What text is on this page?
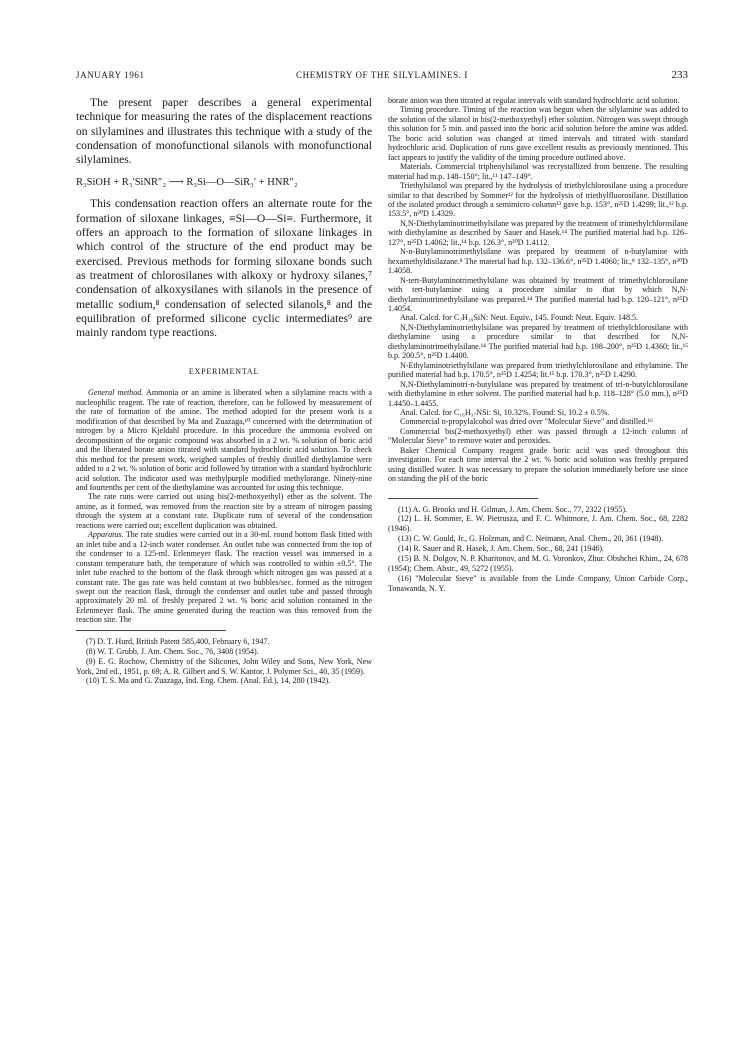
JANUARY 1961	CHEMISTRY OF THE SILYLAMINES. I	233

The present paper describes a general experimental technique for measuring the rates of the displacement reactions on silylamines and illustrates this technique with a study of the condensation of monofunctional silanols with monofunctional silylamines.

R₃SiOH + R₃′SiNR″₂ ⟶ R₃Si—O—SiR₃′ + HNR″₂

This condensation reaction offers an alternate route for the formation of siloxane linkages, ≡Si—O—Si≡. Furthermore, it offers an approach to the formation of siloxane linkages in which control of the structure of the end product may be exercised. Previous methods for forming siloxane bonds such as treatment of chlorosilanes with alkoxy or hydroxy silanes,⁷ condensation of alkoxysilanes with silanols in the presence of metallic sodium,⁸ condensation of selected silanols,⁸ and the equilibration of preformed silicone cyclic intermediates⁹ are mainly random type reactions.

EXPERIMENTAL

General method. Ammonia or an amine is liberated when a silylamine reacts with a nucleophilic reagent. The rate of reaction, therefore, can be followed by measurement of the rate of formation of the amine. The method adopted for the present work is a modification of that described by Ma and Zuazaga,¹⁰ concerned with the determination of nitrogen by a Micro Kjeldahl procedure. In this procedure the ammonia evolved on decomposition of the organic compound was absorbed in a 2 wt. % solution of boric acid and the liberated borate anion titrated with standard hydrochloric acid solution. To check this method for the present work, weighed samples of freshly distilled diethylamine were added to a 2 wt. % solution of boric acid followed by titration with a standard hydrochloric acid solution. The indicator used was methylpurple modified methylorange. Ninety-nine and fourtenths per cent of the diethylamine was accounted for using this technique.

The rate runs were carried out using bis(2-methoxyethyl) ether as the solvent. The amine, as it formed, was removed from the reaction site by a stream of nitrogen passing through the system at a constant rate. Duplicate runs of several of the condensation reactions were carried out; excellent duplication was obtained.

Apparatus. The rate studies were carried out in a 30-ml. round bottom flask fitted with an inlet tube and a 12-inch water condenser. An outlet tube was connected from the top of the condenser to a 125-ml. Erlenmeyer flask. The reaction vessel was immersed in a constant temperature bath, the temperature of which was controlled to within ±0.5°. The inlet tube reached to the bottom of the flask through which nitrogen gas was passed at a constant rate. The gas rate was held constant at two bubbles/sec. formed as the nitrogen swept out the reaction flask, through the condenser and outlet tube and passed through approximately 20 ml. of freshly prepared 2 wt. % boric acid solution contained in the Erlenmeyer flask. The amine generated during the reaction was thus removed from the reaction site. The

(7) D. T. Hurd, British Patent 585,400, February 6, 1947.

(8) W. T. Grubb, J. Am. Chem. Soc., 76, 3408 (1954).

(9) E. G. Rochow, Chemistry of the Silicones, John Wiley and Sons, New York, New York, 2nd ed., 1951, p. 69; A. R. Gilbert and S. W. Kantor, J. Polymer Sci., 40, 35 (1959).

(10) T. S. Ma and G. Zuazaga, Ind. Eng. Chem. (Anal. Ed.), 14, 280 (1942).

borate anion was then titrated at regular intervals with standard hydrochloric acid solution.

Timing procedure. Timing of the reaction was begun when the silylamine was added to the solution of the silanol in bis(2-methoxyethyl) ether solution. Nitrogen was swept through this solution for 5 min. and passed into the boric acid solution before the amine was added. The boric acid solution was changed at timed intervals and titrated with standard hydrochloric acid. Duplication of runs gave excellent results as previously mentioned. This fact appears to justify the validity of the timing procedure outlined above.

Materials. Commercial triphenylsilanol was recrystallized from benzene. The resulting material had m.p. 148–150°; lit.,¹¹ 147–149°.

Triethylsilanol was prepared by the hydrolysis of triethylchlorosilane using a procedure similar to that described by Sommer¹² for the hydrolysis of triethylfluorosilane. Distillation of the isolated product through a semimicro column¹³ gave b.p. 153°, n²⁵D 1.4299; lit.,¹² b.p. 153.5°, n²⁰D 1.4329.

N,N-Diethylaminotrimethylsilane was prepared by the treatment of trimethylchlorosilane with diethylamine as described by Sauer and Hasek.¹⁴ The purified material had b.p. 126–127°, n²⁵D 1.4062; lit.,¹⁴ b.p. 126.3°, n²⁰D 1.4112.

N-n-Butylaminotrimethylsilane was prepared by treatment of n-butylamine with hexamethyldisilazane.⁸ The material had b.p. 132–136.6°, n²⁵D 1.4060; lit.,⁸ 132–135°, n²⁰D 1.4058.

N-tert-Butylaminotrimethylsilane was obtained by treatment of trimethylchlorosilane with tert-butylamine using a procedure similar to that by which N,N-diethylaminotrimethylsilane was prepared.¹⁴ The purified material had b.p. 120–121°, n²⁵D 1.4054.

Anal. Calcd. for C₇H₁₉SiN: Neut. Equiv., 145. Found: Neut. Equiv. 148.5.

N,N-Diethylaminotriethylsilane was prepared by treatment of triethylchlorosilane with diethylamine using a procedure similar to that described for N,N-diethylaminotrimethylsilane.¹⁴ The purified material had b.p. 198–200°, n²⁵D 1.4360; lit.,¹⁵ b.p. 200.5°, n²⁵D 1.4400.

N-Ethylaminotriethylsilane was prepared from triethylchlorosilane and ethylamine. The purified material had b.p. 170.5°, n²⁵D 1.4254; lit.¹⁵ b.p. 170.3°, n²⁵D 1.4290.

N,N-Diethylaminotri-n-butylsilane was prepared by treatment of tri-n-butylchlorosilane with diethylamine in ether solvent. The purified material had b.p. 118–128° (5.0 mm.), n²⁵D 1.4450–1.4455.

Anal. Calcd. for C₁₆H₃₇NSi: Si, 10.32%. Found: Si, 10.2 ± 0.5%.

Commercial n-propylalcohol was dried over "Molecular Sieve" and distilled.¹⁶

Commercial bis(2-methoxyethyl) ether was passed through a 12-inch column of "Molecular Sieve" to remove water and peroxides.

Baker Chemical Company reagent grade boric acid was used throughout this investigation. For each time interval the 2 wt. % boric acid solution was freshly prepared using distilled water. It was necessary to prepare the solution immediately before use since on standing the pH of the boric

(11) A. G. Brooks and H. Gilman, J. Am. Chem. Soc., 77, 2322 (1955).

(12) L. H. Sommer, E. W. Pietrusza, and F. C. Whitmore, J. Am. Chem. Soc., 68, 2282 (1946).

(13) C. W. Gould, Jr., G. Holzman, and C. Neimann, Anal. Chem., 20, 361 (1948).

(14) R. Sauer and R. Hasek, J. Am. Chem. Soc., 68, 241 (1946).

(15) B. N. Dolgov, N. P. Kharitonov, and M. G. Voronkov, Zhur. Obshchei Khim., 24, 678 (1954); Chem. Abstr., 49, 5272 (1955).

(16) "Molecular Sieve" is available from the Linde Company, Union Carbide Corp., Tonawanda, N. Y.
